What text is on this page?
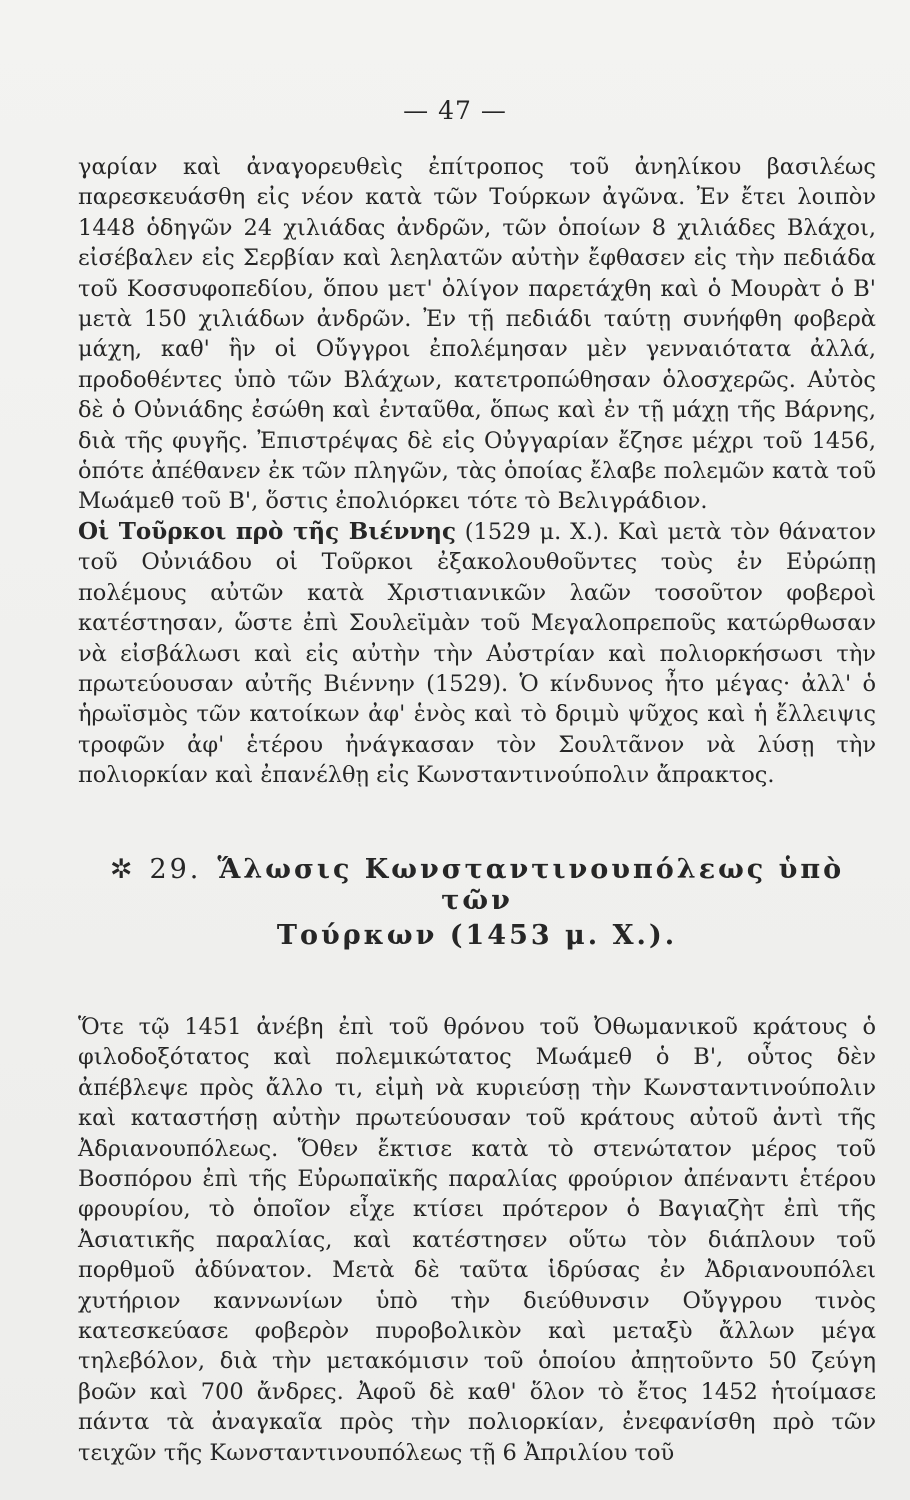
— 47 —

γαρίαν καὶ ἀναγορευθεὶς ἐπίτροπος τοῦ ἀνηλίκου βασιλέως παρεσκευάσθη εἰς νέον κατὰ τῶν Τούρκων ἀγῶνα. Ἐν ἔτει λοιπὸν 1448 ὁδηγῶν 24 χιλιάδας ἀνδρῶν, τῶν ὁποίων 8 χιλιάδες Βλάχοι, εἰσέβαλεν εἰς Σερβίαν καὶ λεηλατῶν αὐτὴν ἔφθασεν εἰς τὴν πεδιάδα τοῦ Κοσσυφοπεδίου, ὅπου μετ' ὀλίγον παρετάχθη καὶ ὁ Μουρὰτ ὁ Β' μετὰ 150 χιλιάδων ἀνδρῶν. Ἐν τῇ πεδιάδι ταύτῃ συνήφθη φοβερὰ μάχη, καθ' ἣν οἱ Οὔγγροι ἐπολέμησαν μὲν γενναιότατα ἀλλά, προδοθέντες ὑπὸ τῶν Βλάχων, κατετροπώθησαν ὁλοσχερῶς. Αὐτὸς δὲ ὁ Οὐνιάδης ἐσώθη καὶ ἐνταῦθα, ὅπως καὶ ἐν τῇ μάχῃ τῆς Βάρνης, διὰ τῆς φυγῆς. Ἐπιστρέψας δὲ εἰς Οὐγγαρίαν ἔζησε μέχρι τοῦ 1456, ὁπότε ἀπέθανεν ἐκ τῶν πληγῶν, τὰς ὁποίας ἔλαβε πολεμῶν κατὰ τοῦ Μωάμεθ τοῦ Β', ὅστις ἐπολιόρκει τότε τὸ Βελιγράδιον.

Οἱ Τοῦρκοι πρὸ τῆς Βιέννης (1529 μ. Χ.). Καὶ μετὰ τὸν θάνατον τοῦ Οὐνιάδου οἱ Τοῦρκοι ἐξακολουθοῦντες τοὺς ἐν Εὐρώπῃ πολέμους αὐτῶν κατὰ Χριστιανικῶν λαῶν τοσοῦτον φοβεροὶ κατέστησαν, ὥστε ἐπὶ Σουλεϊμὰν τοῦ Μεγαλοπρεποῦς κατώρθωσαν νὰ εἰσβάλωσι καὶ εἰς αὐτὴν τὴν Αὐστρίαν καὶ πολιορκήσωσι τὴν πρωτεύουσαν αὐτῆς Βιέννην (1529). Ὁ κίνδυνος ἦτο μέγας· ἀλλ' ὁ ἡρωϊσμὸς τῶν κατοίκων ἀφ' ἑνὸς καὶ τὸ δριμὺ ψῦχος καὶ ἡ ἔλλειψις τροφῶν ἀφ' ἑτέρου ἠνάγκασαν τὸν Σουλτᾶνον νὰ λύσῃ τὴν πολιορκίαν καὶ ἐπανέλθῃ εἰς Κωνσταντινούπολιν ἄπρακτος.

✲ 29. Ἅλωσις Κωνσταντινουπόλεως ὑπὸ τῶν
Τούρκων (1453 μ. Χ.).

Ὅτε τῷ 1451 ἀνέβη ἐπὶ τοῦ θρόνου τοῦ Ὀθωμανικοῦ κράτους ὁ φιλοδοξότατος καὶ πολεμικώτατος Μωάμεθ ὁ Β', οὗτος δὲν ἀπέβλεψε πρὸς ἄλλο τι, εἰμὴ νὰ κυριεύσῃ τὴν Κωνσταντινούπολιν καὶ καταστήσῃ αὐτὴν πρωτεύουσαν τοῦ κράτους αὐτοῦ ἀντὶ τῆς Ἀδριανουπόλεως. Ὅθεν ἔκτισε κατὰ τὸ στενώτατον μέρος τοῦ Βοσπόρου ἐπὶ τῆς Εὐρωπαϊκῆς παραλίας φρούριον ἀπέναντι ἑτέρου φρουρίου, τὸ ὁποῖον εἶχε κτίσει πρότερον ὁ Βαγιαζὴτ ἐπὶ τῆς Ἀσιατικῆς παραλίας, καὶ κατέστησεν οὕτω τὸν διάπλουν τοῦ πορθμοῦ ἀδύνατον. Μετὰ δὲ ταῦτα ἱδρύσας ἐν Ἀδριανουπόλει χυτήριον καννωνίων ὑπὸ τὴν διεύθυνσιν Οὔγγρου τινὸς κατεσκεύασε φοβερὸν πυροβολικὸν καὶ μεταξὺ ἄλλων μέγα τηλεβόλον, διὰ τὴν μετακόμισιν τοῦ ὁποίου ἀπῃτοῦντο 50 ζεύγη βοῶν καὶ 700 ἄνδρες. Ἀφοῦ δὲ καθ' ὅλον τὸ ἔτος 1452 ἡτοίμασε πάντα τὰ ἀναγκαῖα πρὸς τὴν πολιορκίαν, ἐνεφανίσθη πρὸ τῶν τειχῶν τῆς Κωνσταντινουπόλεως τῇ 6 Ἀπριλίου τοῦ
